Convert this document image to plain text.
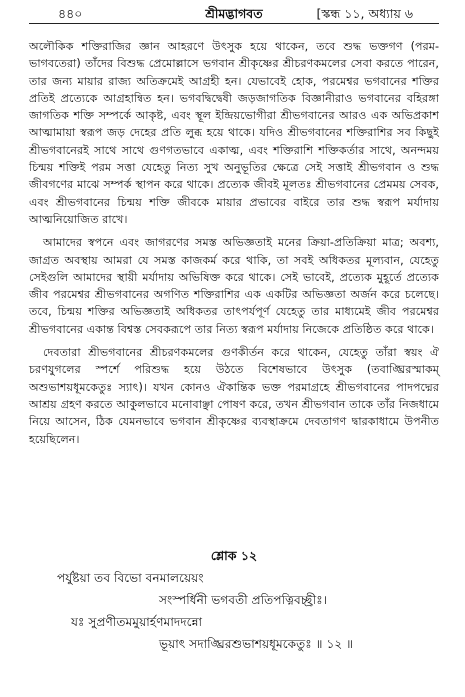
৪৪০	শ্রীমদ্ভাগবত	[স্কন্ধ ১১, অধ্যায় ৬

অলৌকিক শক্তিরাজির জ্ঞান আহরণে উৎসুক হয়ে থাকেন, তবে শুদ্ধ ভক্তগণ (পরম-ভাগবতেরা) তাঁদের বিশুদ্ধ প্রেমোল্লাসে ভগবান শ্রীকৃষ্ণের শ্রীচরণকমলের সেবা করতে পারেন, তার জন্য মায়ার রাজ্য অতিক্রমেই আগ্রহী হন। যেভাবেই হোক, পরমেশ্বর ভগবানের শক্তির প্রতিই প্রত্যেকে আগ্রহান্বিত হন। ভগবদ্বিদ্বেষী জড়জাগতিক বিজ্ঞানীরাও ভগবানের বহিরঙ্গা জাগতিক শক্তি সম্পর্কে আকৃষ্ট, এবং স্থূল ইন্দ্রিয়ভোগীরা শ্রীভগবানের আরও এক অভিপ্রকাশ আত্মামায়া স্বরূপ জড় দেহের প্রতি লুব্ধ হয়ে থাকে। যদিও শ্রীভগবানের শক্তিরাশির সব কিছুই শ্রীভগবানেরই সাথে সাথে গুণগতভাবে একাত্ম, এবং শক্তিরাশি শক্তিকর্তার সাথে, অনন্দময় চিন্ময় শক্তিই পরম সত্তা যেহেতু নিত্য সুখ অনুভূতির ক্ষেত্রে সেই সত্তাই শ্রীভগবান ও শুদ্ধ জীবগণের মাঝে সম্পর্ক স্থাপন করে থাকে। প্রত্যেক জীবই মূলতঃ শ্রীভগবানের প্রেমময় সেবক, এবং শ্রীভগবানের চিন্ময় শক্তি জীবকে মায়ার প্রভাবের বাইরে তার শুদ্ধ স্বরূপ মর্যাদায় আত্মনিয়োজিত রাখে।

আমাদের স্বপনে এবং জাগরণের সমস্ত অভিজ্ঞতাই মনের ক্রিয়া-প্রতিক্রিয়া মাত্র; অবশ্য, জাগ্রত অবস্থায় আমরা যে সমস্ত কাজকর্ম করে থাকি, তা সবই অধিকতর মূল্যবান, যেহেতু সেইগুলি আমাদের স্থায়ী মর্যাদায় অভিষিক্ত করে থাকে। সেই ভাবেই, প্রত্যেক মুহূর্তে প্রত্যেক জীব পরমেশ্বর শ্রীভগবানের অগণিত শক্তিরাশির এক একটির অভিজ্ঞতা অর্জন করে চলেছে। তবে, চিন্ময় শক্তির অভিজ্ঞতাই অধিকতর তাৎপর্যপূর্ণ যেহেতু তার মাধ্যমেই জীব পরমেশ্বর শ্রীভগবানের একান্ত বিশ্বস্ত সেবকরূপে তার নিত্য স্বরূপ মর্যাদায় নিজেকে প্রতিষ্ঠিত করে থাকে।

দেবতারা শ্রীভগবানের শ্রীচরণকমলের গুণকীর্তন করে থাকেন, যেহেতু তাঁরা স্বয়ং ঐ চরণযুগলের স্পর্শে পরিশুদ্ধ হয়ে উঠতে বিশেষভাবে উৎসুক (তবাঙ্ঘ্রিরস্মাকম্ অশুভাশয়ধূমকেতুঃ স্যাৎ)। যখন কোনও ঐকান্তিক ভক্ত পরমাগ্রহে শ্রীভগবানের পাদপদ্মের আশ্রয় গ্রহণ করতে আকুলভাবে মনোবাঞ্ছা পোষণ করে, তখন শ্রীভগবান তাকে তাঁর নিজধামে নিয়ে আসেন, ঠিক যেমনভাবে ভগবান শ্রীকৃষ্ণের ব্যবস্থাক্রমে দেবতাগণ দ্বারকাধামে উপনীত হয়েছিলেন।

শ্লোক ১২
পর্যুষ্টয়া তব বিভো বনমালয়েয়ং
সংস্পর্ধিনী ভগবতী প্রতিপত্নিবচ্ছ্রীঃ।
যঃ সুপ্রণীতমমুয়ার্হণমাদদন্নো
ভূয়াৎ সদাঙ্ঘ্রিরশুভাশয়ধূমকেতুঃ ॥ ১২ ॥
